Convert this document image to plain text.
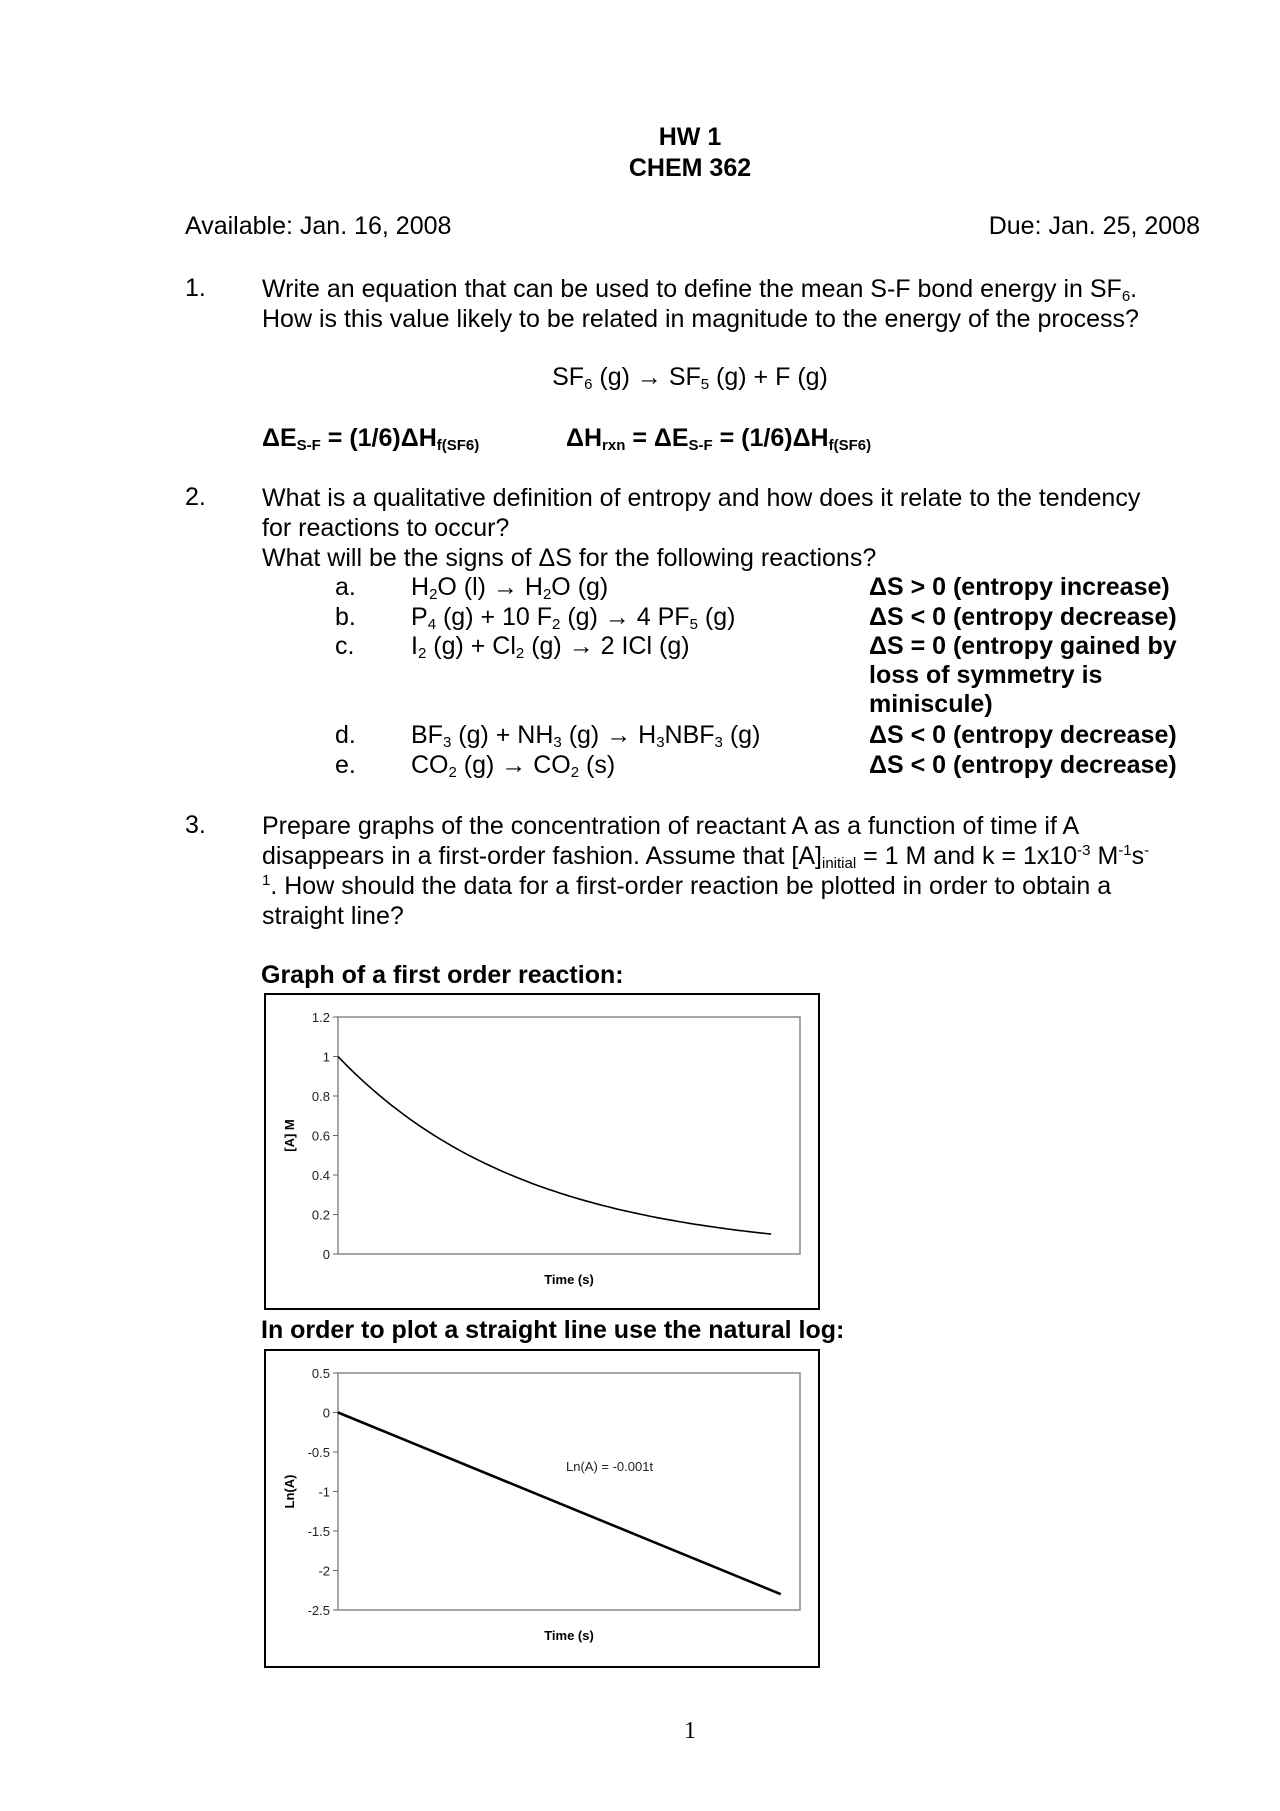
HW 1
CHEM 362
Available: Jan. 16, 2008	Due: Jan. 25, 2008
1. Write an equation that can be used to define the mean S-F bond energy in $SF_6$.
How is this value likely to be related in magnitude to the energy of the process?
$SF_6$ $(g) \to SF_5$ (g) + F (g)
$\Delta E_{S-F} = (1/6)\Delta H_{f(SF6)}$	$\Delta H_{rxn} = \Delta E_{S-F} = (1/6)\Delta H_{f(SF6)}$
2. What is a qualitative definition of entropy and how does it relate to the tendency
for reactions to occur?
What will be the signs of ΔS for the following reactions?
a. $H_2O$ $(l) \to H_2O$ (g)	ΔS > 0 (entropy increase)
b. $P_4$ (g) + 10 $F_2$ (g) → 4 $PF_5$ (g)	ΔS < 0 (entropy decrease)
c. $I_2$ $(g) + Cl_2$ (g) → 2 ICl (g)	ΔS = 0 (entropy gained by
loss of symmetry is
miniscule)
d. $BF_3$ $(g) + NH_3$ $(g) \to H_3NBF_3$ (g)	ΔS < 0 (entropy decrease)
e. $CO_2$ $(g) \to CO_2$ (s)	ΔS < 0 (entropy decrease)
3. Prepare graphs of the concentration of reactant A as a function of time if A
disappears in a first-order fashion. Assume that $[A]_{initial} = 1$ M and $k = 1x10^{-3}$ $M^{-1}s^-$
$^1$. How should the data for a first-order reaction be plotted in order to obtain a
straight line?
Graph of a first order reaction:
0
0.2
0.4
0.6
0.8
1
1.2
[A] M
Time (s)
In order to plot a straight line use the natural log:
-2.5
-2
-1.5
-1
-0.5
0
0.5
Ln(A)
Time (s)
Ln(A) = -0.001t
1
